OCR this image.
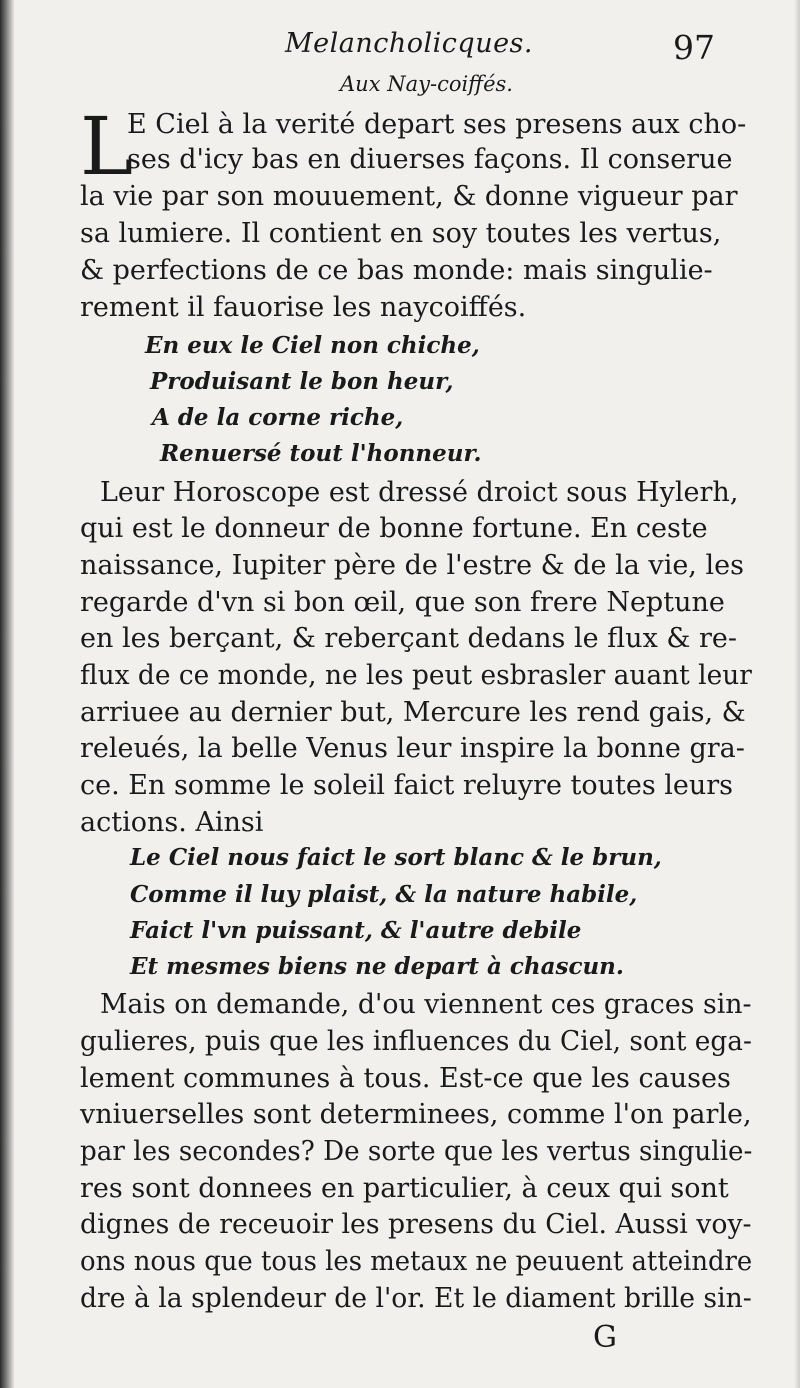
Melancholicques.	97
Aux Nay-coiffés.
L
E Ciel à la verité depart ses presens aux cho-
ses d'icy bas en diuerses façons. Il conserue
la vie par son mouuement, & donne vigueur par
sa lumiere. Il contient en soy toutes les vertus,
& perfections de ce bas monde: mais singulie-
rement il fauorise les naycoiffés.
En eux le Ciel non chiche,
Produisant le bon heur,
A de la corne riche,
Renuersé tout l'honneur.
Leur Horoscope est dressé droict sous Hylerh,
qui est le donneur de bonne fortune. En ceste
naissance, Iupiter père de l'estre & de la vie, les
regarde d'vn si bon œil, que son frere Neptune
en les berçant, & reberçant dedans le flux & re-
flux de ce monde, ne les peut esbrasler auant leur
arriuee au dernier but, Mercure les rend gais, &
releués, la belle Venus leur inspire la bonne gra-
ce. En somme le soleil faict reluyre toutes leurs
actions. Ainsi
Le Ciel nous faict le sort blanc & le brun,
Comme il luy plaist, & la nature habile,
Faict l'vn puissant, & l'autre debile
Et mesmes biens ne depart à chascun.
Mais on demande, d'ou viennent ces graces sin-
gulieres, puis que les influences du Ciel, sont ega-
lement communes à tous. Est-ce que les causes
vniuerselles sont determinees, comme l'on parle,
par les secondes? De sorte que les vertus singulie-
res sont donnees en particulier, à ceux qui sont
dignes de receuoir les presens du Ciel. Aussi voy-
ons nous que tous les metaux ne peuuent atteindre
dre à la splendeur de l'or. Et le diament brille sin-
G
